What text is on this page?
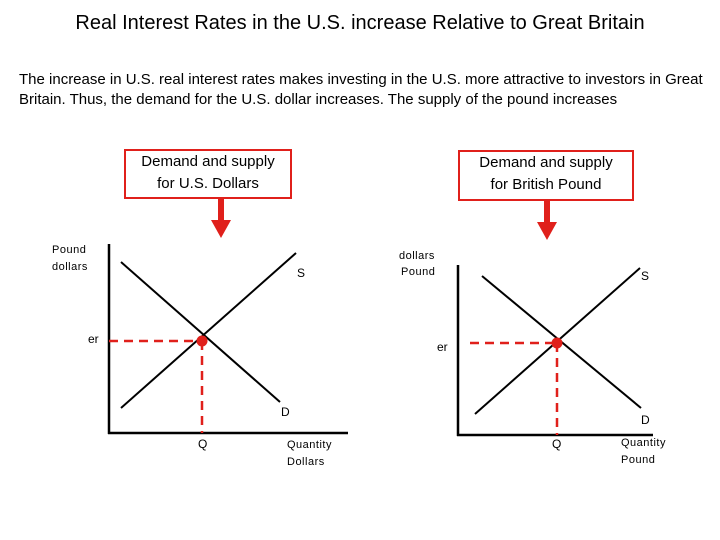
Real Interest Rates in the U.S. increase Relative to Great Britain
The increase in U.S. real interest rates makes investing in the U.S. more attractive to investors in Great Britain. Thus, the demand for the U.S. dollar increases. The supply of the pound increases
Demand and supply
for U.S. Dollars
Demand and supply
for British Pound
Pound
dollars	S
er
D
Q	Quantity
Dollars
dollars
Pound	S
er
D
Q	Quantity
Pound
